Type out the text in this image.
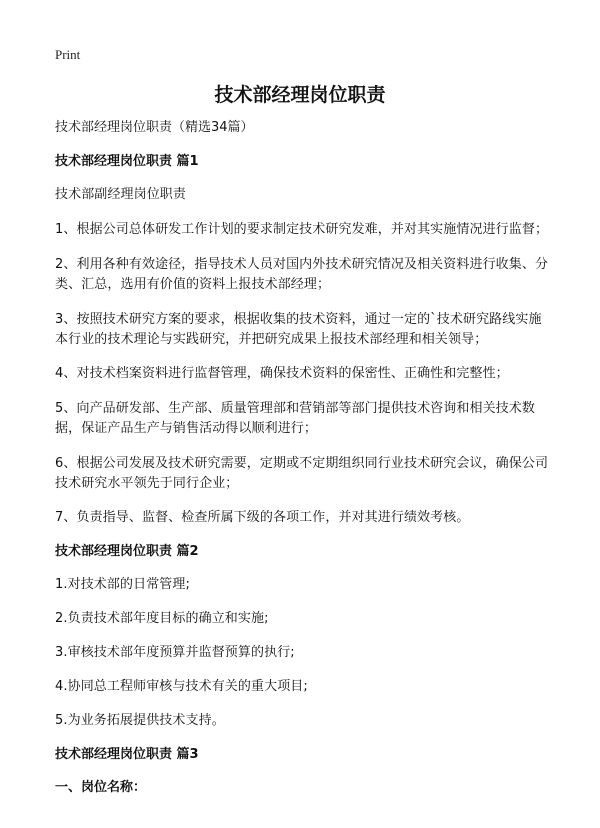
Print
技术部经理岗位职责
技术部经理岗位职责（精选34篇）
技术部经理岗位职责 篇1
技术部副经理岗位职责
1、根据公司总体研发工作计划的要求制定技术研究发难，并对其实施情况进行监督；
2、利用各种有效途径，指导技术人员对国内外技术研究情况及相关资料进行收集、分类、汇总，选用有价值的资料上报技术部经理；
3、按照技术研究方案的要求，根据收集的技术资料，通过一定的`技术研究路线实施本行业的技术理论与实践研究，并把研究成果上报技术部经理和相关领导；
4、对技术档案资料进行监督管理，确保技术资料的保密性、正确性和完整性；
5、向产品研发部、生产部、质量管理部和营销部等部门提供技术咨询和相关技术数据，保证产品生产与销售活动得以顺利进行；
6、根据公司发展及技术研究需要，定期或不定期组织同行业技术研究会议，确保公司技术研究水平领先于同行企业；
7、负责指导、监督、检查所属下级的各项工作，并对其进行绩效考核。
技术部经理岗位职责 篇2
1.对技术部的日常管理;
2.负责技术部年度目标的确立和实施;
3.审核技术部年度预算并监督预算的执行;
4.协同总工程师审核与技术有关的重大项目;
5.为业务拓展提供技术支持。
技术部经理岗位职责 篇3
一、岗位名称：
